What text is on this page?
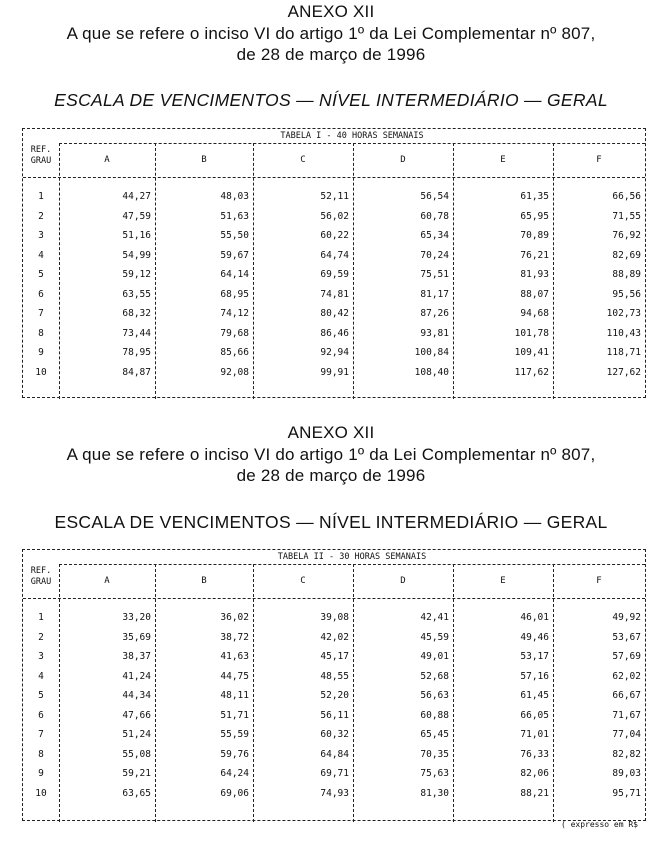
ANEXO XII
A que se refere o inciso VI do artigo 1º da Lei Complementar nº 807,
de 28 de março de 1996
ESCALA DE VENCIMENTOS — NÍVEL INTERMEDIÁRIO — GERAL
TABELA I - 40 HORAS SEMANAIS
REF.
GRAU	A	B	C	D	E	F
1	44,27	48,03	52,11	56,54	61,35	66,56
2	47,59	51,63	56,02	60,78	65,95	71,55
3	51,16	55,50	60,22	65,34	70,89	76,92
4	54,99	59,67	64,74	70,24	76,21	82,69
5	59,12	64,14	69,59	75,51	81,93	88,89
6	63,55	68,95	74,81	81,17	88,07	95,56
7	68,32	74,12	80,42	87,26	94,68	102,73
8	73,44	79,68	86,46	93,81	101,78	110,43
9	78,95	85,66	92,94	100,84	109,41	118,71
10	84,87	92,08	99,91	108,40	117,62	127,62
ANEXO XII
A que se refere o inciso VI do artigo 1º da Lei Complementar nº 807,
de 28 de março de 1996
ESCALA DE VENCIMENTOS — NÍVEL INTERMEDIÁRIO — GERAL
TABELA II - 30 HORAS SEMANAIS
REF.
GRAU	A	B	C	D	E	F
1	33,20	36,02	39,08	42,41	46,01	49,92
2	35,69	38,72	42,02	45,59	49,46	53,67
3	38,37	41,63	45,17	49,01	53,17	57,69
4	41,24	44,75	48,55	52,68	57,16	62,02
5	44,34	48,11	52,20	56,63	61,45	66,67
6	47,66	51,71	56,11	60,88	66,05	71,67
7	51,24	55,59	60,32	65,45	71,01	77,04
8	55,08	59,76	64,84	70,35	76,33	82,82
9	59,21	64,24	69,71	75,63	82,06	89,03
10	63,65	69,06	74,93	81,30	88,21	95,71
( expresso em R$
